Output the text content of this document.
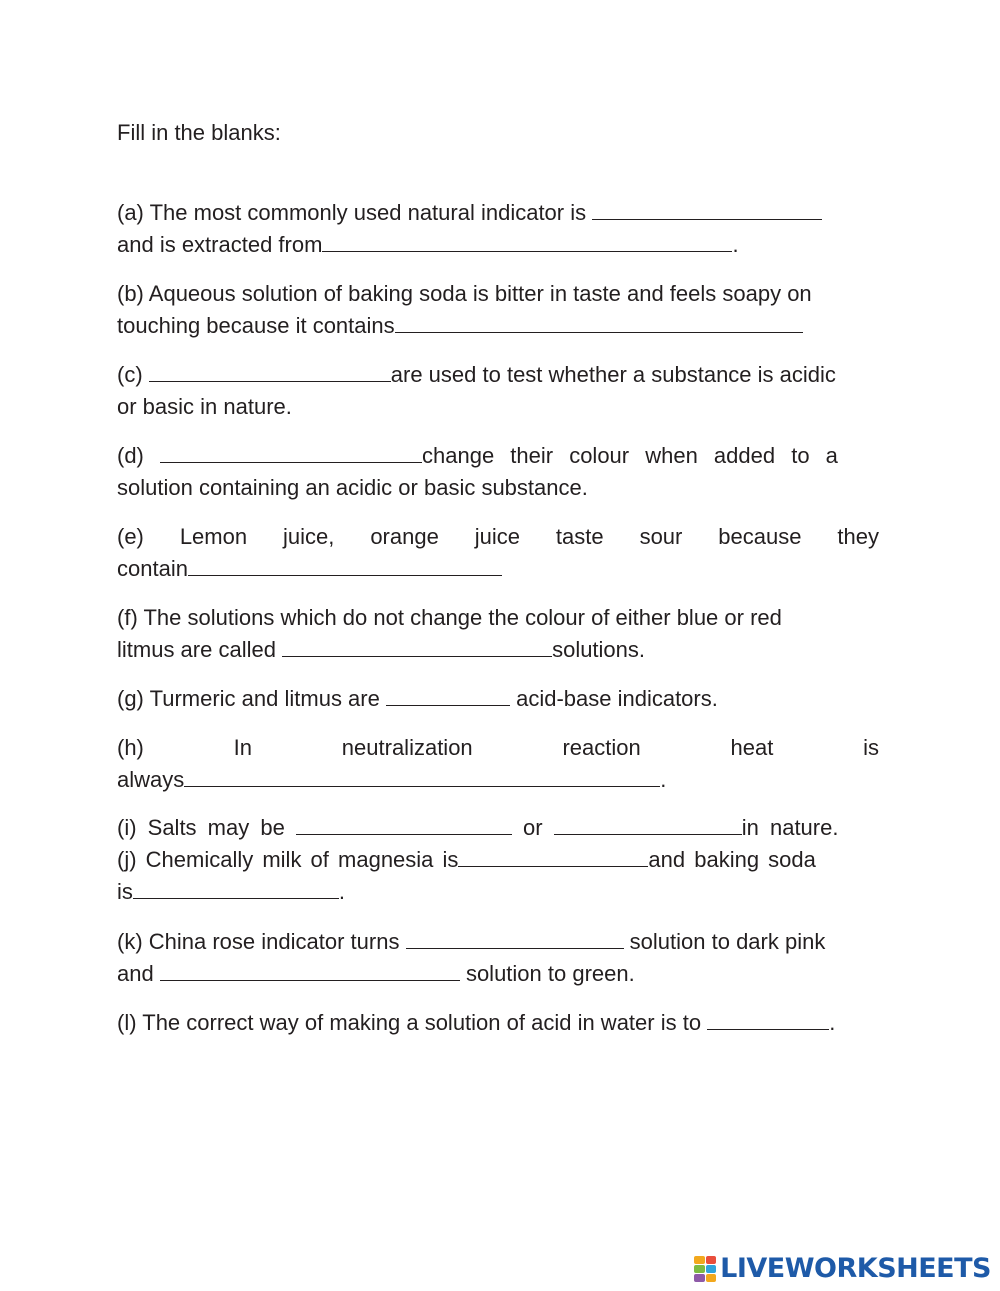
Fill in the blanks:
(a) The most commonly used natural indicator is
and is extracted from	.
(b) Aqueous solution of baking soda is bitter in taste and feels soapy on
touching because it contains
(c)	are used to test whether a substance is acidic
or basic in nature.
(d)	change their colour when added to a
solution containing an acidic or basic substance.
(e) Lemon juice, orange juice taste sour because they
contain
(f) The solutions which do not change the colour of either blue or red
litmus are called	solutions.
(g) Turmeric and litmus are	acid-base indicators.
(h) In neutralization reaction heat is
always	.
(i) Salts may be	or	in nature.
(j) Chemically milk of magnesia is	and baking soda
is	.
(k) China rose indicator turns	solution to dark pink
and	solution to green.
(l) The correct way of making a solution of acid in water is to	.
LIVEWORKSHEETS
